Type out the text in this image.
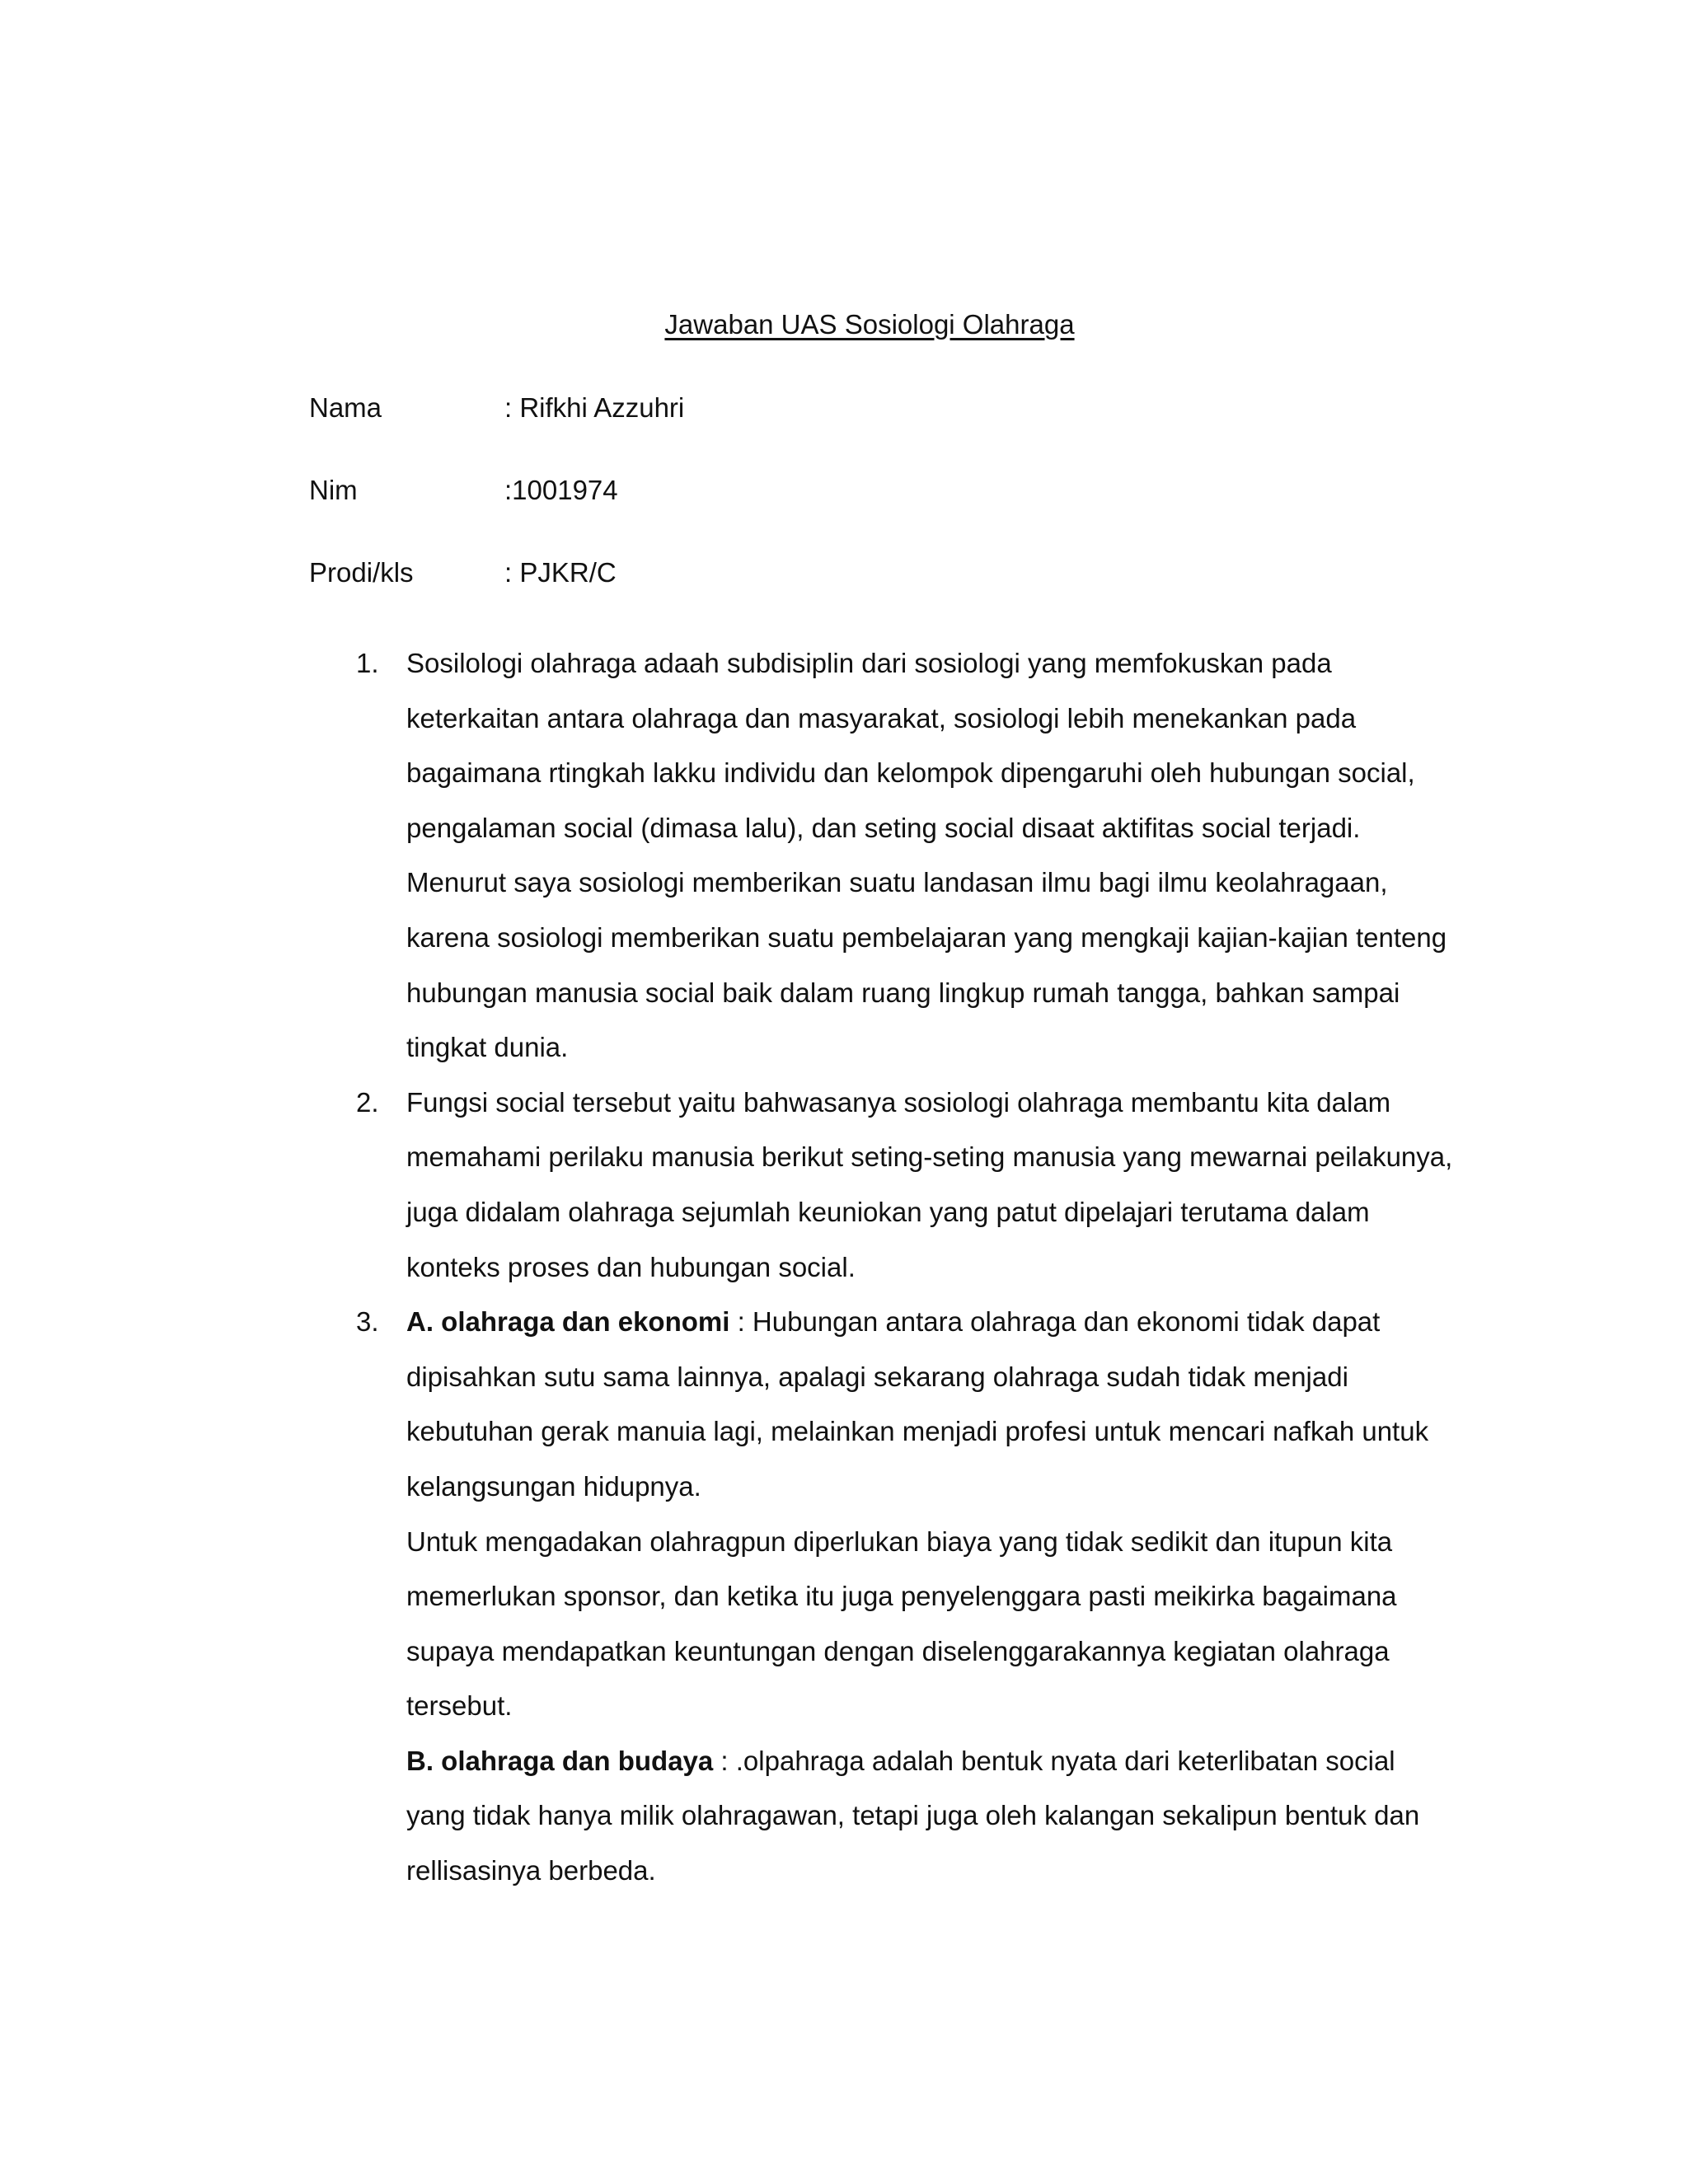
Jawaban UAS Sosiologi Olahraga
Nama	: Rifkhi Azzuhri
Nim	:1001974
Prodi/kls	: PJKR/C
1. Sosilologi olahraga adaah subdisiplin dari sosiologi yang memfokuskan pada keterkaitan antara olahraga dan masyarakat, sosiologi lebih menekankan pada bagaimana rtingkah lakku individu dan kelompok dipengaruhi oleh hubungan social, pengalaman social (dimasa lalu), dan seting social disaat aktifitas social terjadi. Menurut saya sosiologi memberikan suatu landasan ilmu bagi ilmu keolahragaan, karena sosiologi memberikan suatu pembelajaran yang mengkaji kajian-kajian tenteng hubungan manusia social baik dalam ruang lingkup rumah tangga, bahkan sampai tingkat dunia.
2. Fungsi social tersebut yaitu bahwasanya sosiologi olahraga membantu kita dalam memahami perilaku manusia berikut seting-seting manusia yang mewarnai peilakunya, juga didalam olahraga sejumlah keuniokan yang patut dipelajari terutama dalam konteks proses dan hubungan social.
3. A. olahraga dan ekonomi : Hubungan antara olahraga dan ekonomi tidak dapat dipisahkan sutu sama lainnya, apalagi sekarang olahraga sudah tidak menjadi kebutuhan gerak manuia lagi, melainkan menjadi profesi untuk mencari nafkah untuk kelangsungan hidupnya.
Untuk mengadakan olahragpun diperlukan biaya yang tidak sedikit dan itupun kita memerlukan sponsor, dan ketika itu juga penyelenggara pasti meikirka bagaimana supaya mendapatkan keuntungan dengan diselenggarakannya kegiatan olahraga tersebut.
B. olahraga dan budaya : .olpahraga adalah bentuk nyata dari keterlibatan social yang tidak hanya milik olahragawan, tetapi juga oleh kalangan sekalipun bentuk dan rellisasinya berbeda.
